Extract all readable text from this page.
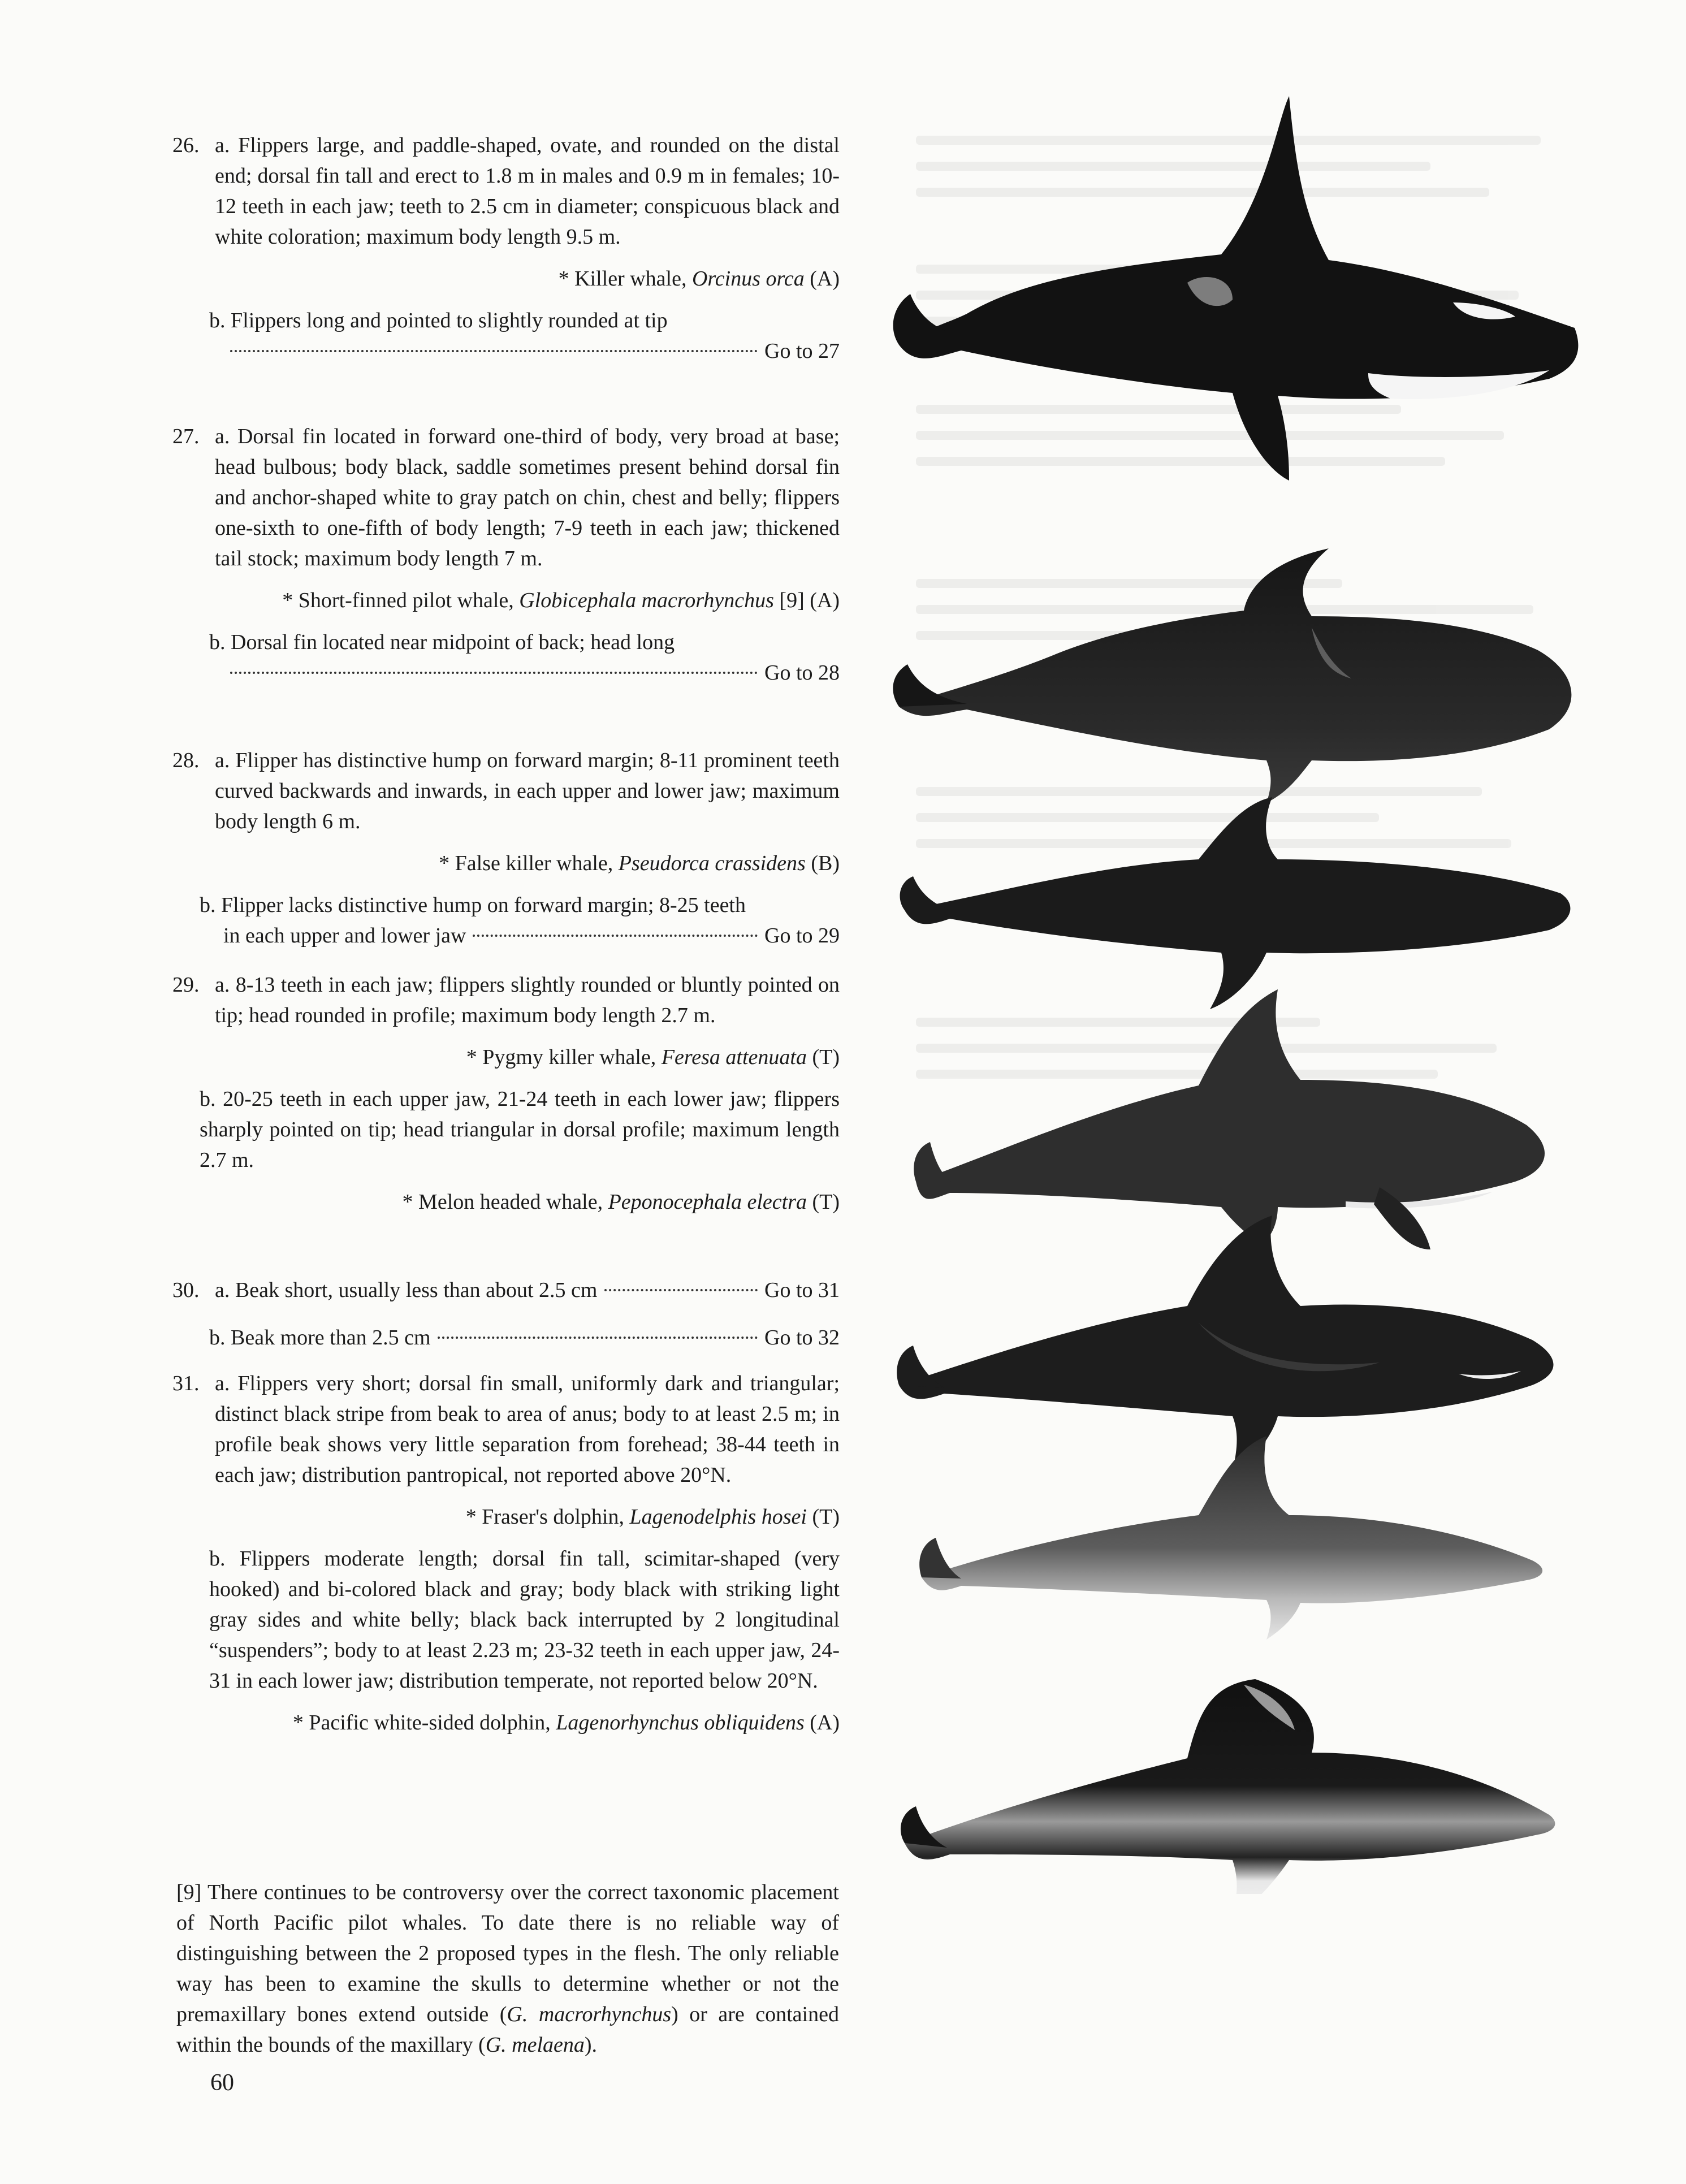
26. a. Flippers large, and paddle-shaped, ovate, and rounded on the distal end; dorsal fin tall and erect to 1.8 m in males and 0.9 m in females; 10-12 teeth in each jaw; teeth to 2.5 cm in diameter; conspicuous black and white coloration; maximum body length 9.5 m.
* Killer whale, Orcinus orca (A)
b. Flippers long and pointed to slightly rounded at tip
Go to 27
27. a. Dorsal fin located in forward one-third of body, very broad at base; head bulbous; body black, saddle sometimes present behind dorsal fin and anchor-shaped white to gray patch on chin, chest and belly; flippers one-sixth to one-fifth of body length; 7-9 teeth in each jaw; thickened tail stock; maximum body length 7 m.
* Short-finned pilot whale, Globicephala macrorhynchus [9] (A)
b. Dorsal fin located near midpoint of back; head long
Go to 28
28. a. Flipper has distinctive hump on forward margin; 8-11 prominent teeth curved backwards and inwards, in each upper and lower jaw; maximum body length 6 m.
* False killer whale, Pseudorca crassidens (B)
b. Flipper lacks distinctive hump on forward margin; 8-25 teeth
in each upper and lower jaw	Go to 29
29. a. 8-13 teeth in each jaw; flippers slightly rounded or bluntly pointed on tip; head rounded in profile; maximum body length 2.7 m.
* Pygmy killer whale, Feresa attenuata (T)
b. 20-25 teeth in each upper jaw, 21-24 teeth in each lower jaw; flippers sharply pointed on tip; head triangular in dorsal profile; maximum length 2.7 m.
* Melon headed whale, Peponocephala electra (T)
30. a. Beak short, usually less than about 2.5 cm	Go to 31
b. Beak more than 2.5 cm	Go to 32
31. a. Flippers very short; dorsal fin small, uniformly dark and triangular; distinct black stripe from beak to area of anus; body to at least 2.5 m; in profile beak shows very little separation from forehead; 38-44 teeth in each jaw; distribution pantropical, not reported above 20°N.
* Fraser's dolphin, Lagenodelphis hosei (T)
b. Flippers moderate length; dorsal fin tall, scimitar-shaped (very hooked) and bi-colored black and gray; body black with striking light gray sides and white belly; black back interrupted by 2 longitudinal “suspenders”; body to at least 2.23 m; 23-32 teeth in each upper jaw, 24-31 in each lower jaw; distribution temperate, not reported below 20°N.
* Pacific white-sided dolphin, Lagenorhynchus obliquidens (A)
[9] There continues to be controversy over the correct taxonomic placement of North Pacific pilot whales. To date there is no reliable way of distinguishing between the 2 proposed types in the flesh. The only reliable way has been to examine the skulls to determine whether or not the premaxillary bones extend outside (G. macrorhynchus) or are contained within the bounds of the maxillary (G. melaena).
60
